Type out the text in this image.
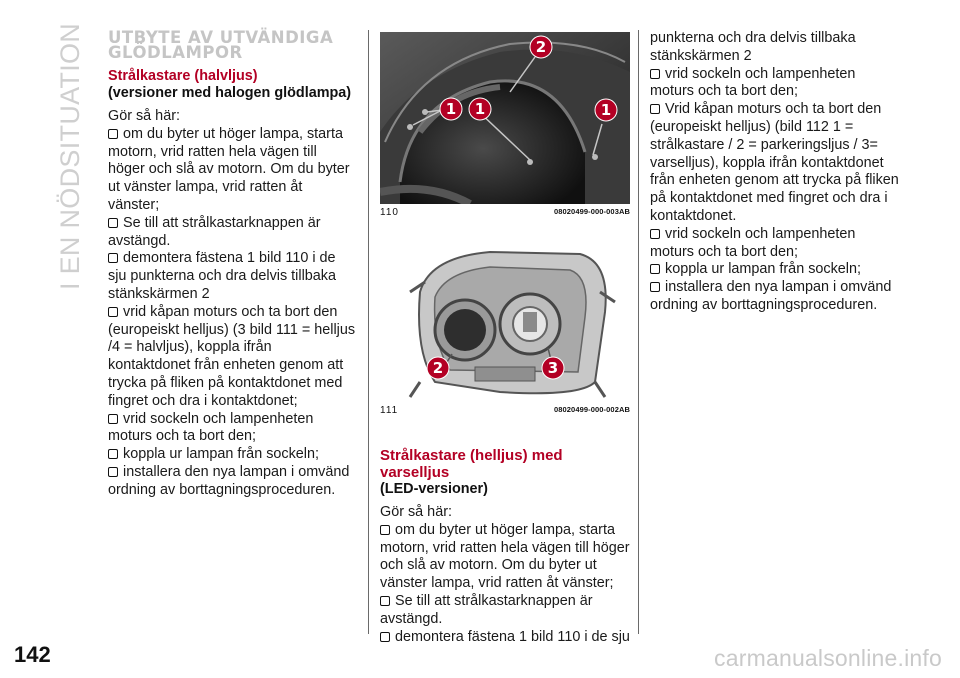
I EN NÖDSITUATION UTBYTE AV UTVÄNDIGA
GLÖDLAMPOR
Strålkastare (halvljus)
(versioner med halogen glödlampa)

Gör så här:

om du byter ut höger lampa, starta motorn, vrid ratten hela vägen till höger och slå av motorn. Om du byter ut vänster lampa, vrid ratten åt vänster;

Se till att strålkastarknappen är avstängd.

demontera fästena 1 bild 110 i de sju punkterna och dra delvis tillbaka stänkskärmen 2

vrid kåpan moturs och ta bort den (europeiskt helljus) (3 bild 111 = helljus /4 = halvljus), koppla ifrån kontaktdonet från enheten genom att trycka på fliken på kontaktdonet med fingret och dra i kontaktdonet;

vrid sockeln och lampenheten moturs och ta bort den;

koppla ur lampan från sockeln;

installera den nya lampan i omvänd ordning av borttagningsproceduren.

2
1 1	1
110	08020499-000-003AB
2	3
111	08020499-000-002AB
Strålkastare (helljus) med varselljus
(LED-versioner)

Gör så här:

om du byter ut höger lampa, starta motorn, vrid ratten hela vägen till höger och slå av motorn. Om du byter ut vänster lampa, vrid ratten åt vänster;

Se till att strålkastarknappen är avstängd.

demontera fästena 1 bild 110 i de sju

punkterna och dra delvis tillbaka stänkskärmen 2

vrid sockeln och lampenheten moturs och ta bort den;

Vrid kåpan moturs och ta bort den (europeiskt helljus) (bild 112 1 = strålkastare / 2 = parkeringsljus / 3= varselljus), koppla ifrån kontaktdonet från enheten genom att trycka på fliken på kontaktdonet med fingret och dra i kontaktdonet.

vrid sockeln och lampenheten moturs och ta bort den;

koppla ur lampan från sockeln;

installera den nya lampan i omvänd ordning av borttagningsproceduren.

142	carmanualsonline.info
